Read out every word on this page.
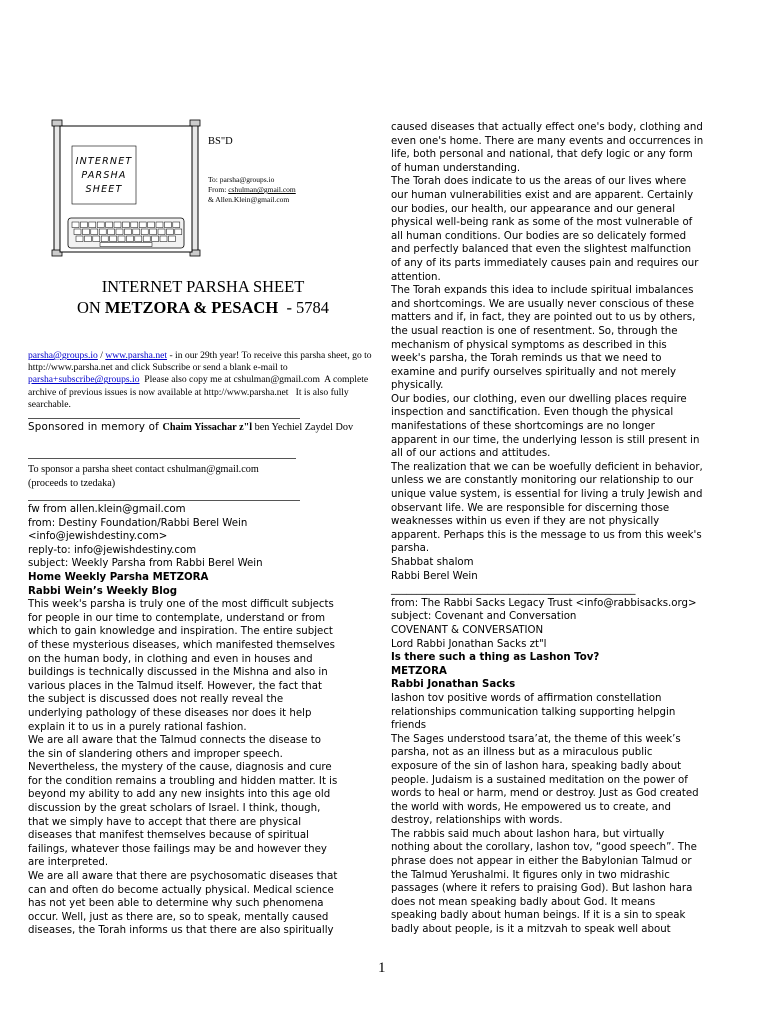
INTERNET
PARSHA
SHEET
BS"D
To: parsha@groups.io
From: cshulman@gmail.com
& Allen.Klein@gmail.com
INTERNET PARSHA SHEET
ON METZORA & PESACH  - 5784
parsha@groups.io / www.parsha.net - in our 29th year! To receive this parsha sheet, go to http://www.parsha.net and click Subscribe or send a blank e-mail to parsha+subscribe@groups.io  Please also copy me at cshulman@gmail.com  A complete archive of previous issues is now available at http://www.parsha.net   It is also fully searchable.
Sponsored in memory of Chaim Yissachar z"l ben Yechiel Zaydel Dov
To sponsor a parsha sheet contact cshulman@gmail.com
(proceeds to tzedaka)

fw from allen.klein@gmail.com

from: Destiny Foundation/Rabbi Berel Wein

<info@jewishdestiny.com>

reply-to: info@jewishdestiny.com

subject: Weekly Parsha from Rabbi Berel Wein

Home Weekly Parsha METZORA

Rabbi Wein’s Weekly Blog

This week's parsha is truly one of the most difficult subjects
for people in our time to contemplate, understand or from
which to gain knowledge and inspiration. The entire subject
of these mysterious diseases, which manifested themselves
on the human body, in clothing and even in houses and
buildings is technically discussed in the Mishna and also in
various places in the Talmud itself. However, the fact that
the subject is discussed does not really reveal the
underlying pathology of these diseases nor does it help
explain it to us in a purely rational fashion.

We are all aware that the Talmud connects the disease to
the sin of slandering others and improper speech.
Nevertheless, the mystery of the cause, diagnosis and cure
for the condition remains a troubling and hidden matter. It is
beyond my ability to add any new insights into this age old
discussion by the great scholars of Israel. I think, though,
that we simply have to accept that there are physical
diseases that manifest themselves because of spiritual
failings, whatever those failings may be and however they
are interpreted.

We are all aware that there are psychosomatic diseases that
can and often do become actually physical. Medical science
has not yet been able to determine why such phenomena
occur. Well, just as there are, so to speak, mentally caused
diseases, the Torah informs us that there are also spiritually

caused diseases that actually effect one's body, clothing and
even one's home. There are many events and occurrences in
life, both personal and national, that defy logic or any form
of human understanding.

The Torah does indicate to us the areas of our lives where
our human vulnerabilities exist and are apparent. Certainly
our bodies, our health, our appearance and our general
physical well-being rank as some of the most vulnerable of
all human conditions. Our bodies are so delicately formed
and perfectly balanced that even the slightest malfunction
of any of its parts immediately causes pain and requires our
attention.

The Torah expands this idea to include spiritual imbalances
and shortcomings. We are usually never conscious of these
matters and if, in fact, they are pointed out to us by others,
the usual reaction is one of resentment. So, through the
mechanism of physical symptoms as described in this
week's parsha, the Torah reminds us that we need to
examine and purify ourselves spiritually and not merely
physically.

Our bodies, our clothing, even our dwelling places require
inspection and sanctification. Even though the physical
manifestations of these shortcomings are no longer
apparent in our time, the underlying lesson is still present in
all of our actions and attitudes.

The realization that we can be woefully deficient in behavior,
unless we are constantly monitoring our relationship to our
unique value system, is essential for living a truly Jewish and
observant life. We are responsible for discerning those
weaknesses within us even if they are not physically
apparent. Perhaps this is the message to us from this week's
parsha.

Shabbat shalom

Rabbi Berel Wein

________________________________________________

from: The Rabbi Sacks Legacy Trust <info@rabbisacks.org>

subject: Covenant and Conversation

COVENANT & CONVERSATION

Lord Rabbi Jonathan Sacks zt"l

Is there such a thing as Lashon Tov?

METZORA

Rabbi Jonathan Sacks

lashon tov positive words of affirmation constellation
relationships communication talking supporting helpgin
friends

The Sages understood tsara’at, the theme of this week’s
parsha, not as an illness but as a miraculous public
exposure of the sin of lashon hara, speaking badly about
people. Judaism is a sustained meditation on the power of
words to heal or harm, mend or destroy. Just as God created
the world with words, He empowered us to create, and
destroy, relationships with words.

The rabbis said much about lashon hara, but virtually
nothing about the corollary, lashon tov, “good speech”. The
phrase does not appear in either the Babylonian Talmud or
the Talmud Yerushalmi. It figures only in two midrashic
passages (where it refers to praising God). But lashon hara
does not mean speaking badly about God. It means
speaking badly about human beings. If it is a sin to speak
badly about people, is it a mitzvah to speak well about

1
